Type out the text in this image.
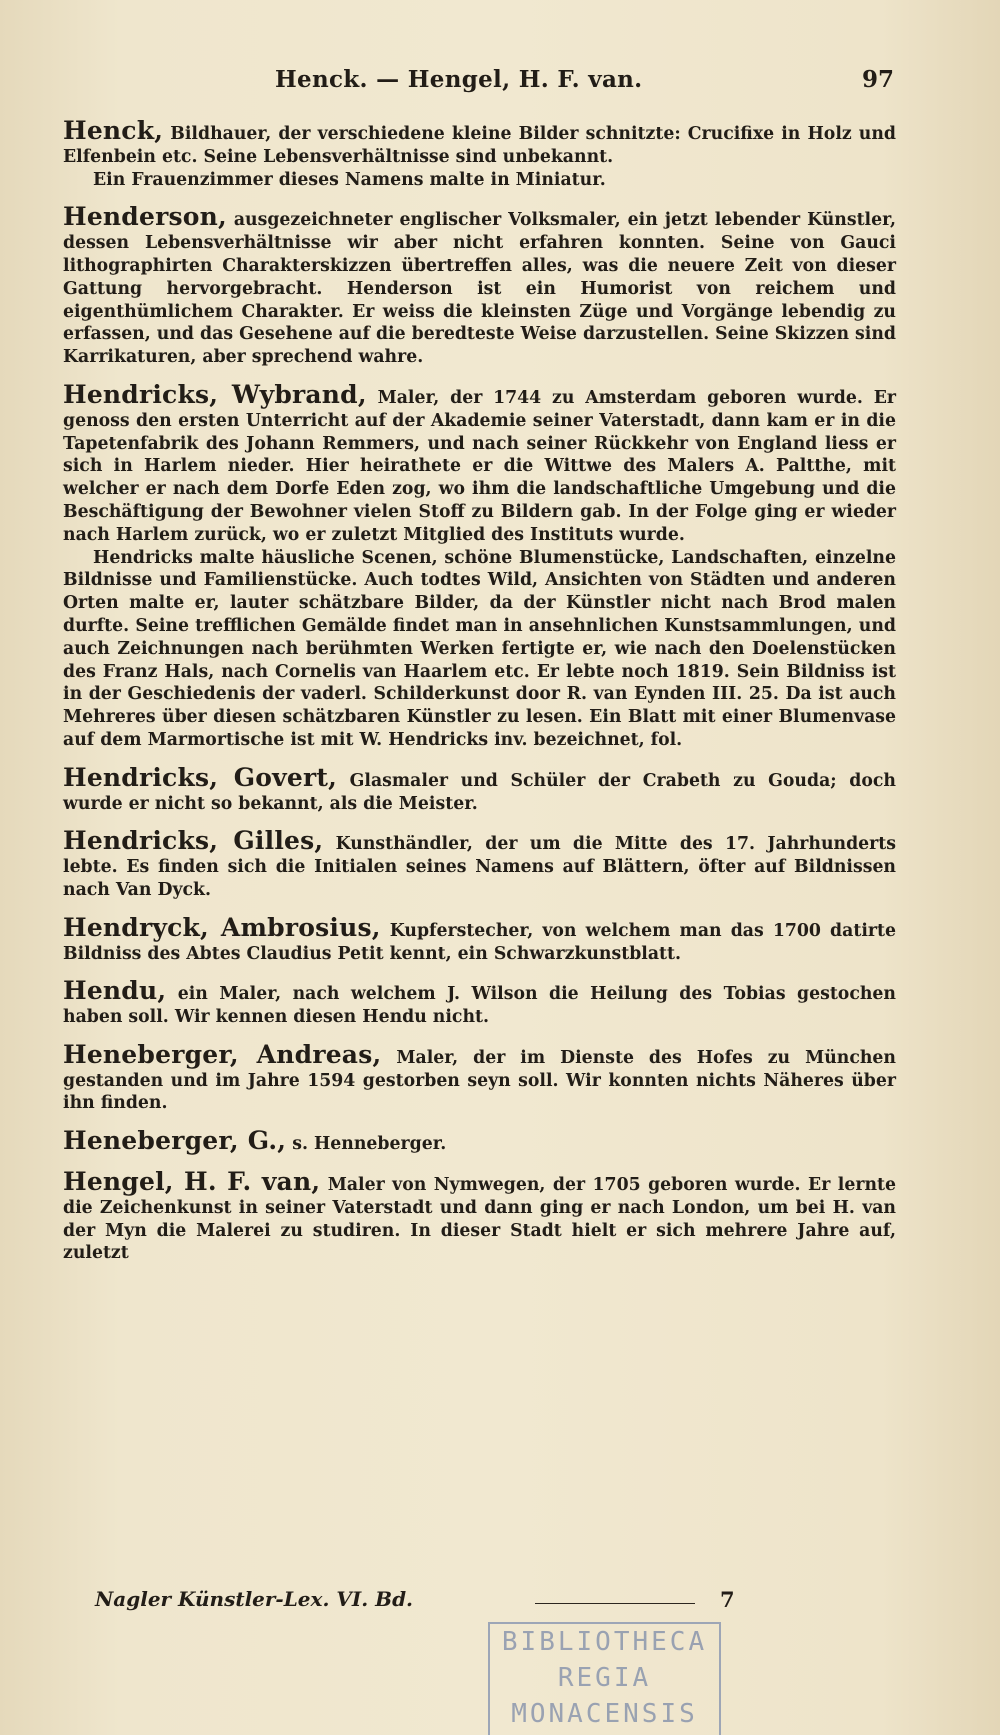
Henck. — Hengel, H. F. van.	97

Henck, Bildhauer, der verschiedene kleine Bilder schnitzte: Crucifixe in Holz und Elfenbein etc. Seine Lebensverhältnisse sind unbekannt.

Ein Frauenzimmer dieses Namens malte in Miniatur.

Henderson, ausgezeichneter englischer Volksmaler, ein jetzt lebender Künstler, dessen Lebensverhältnisse wir aber nicht erfahren konnten. Seine von Gauci lithographirten Charakterskizzen übertreffen alles, was die neuere Zeit von dieser Gattung hervorgebracht. Henderson ist ein Humorist von reichem und eigenthümlichem Charakter. Er weiss die kleinsten Züge und Vorgänge lebendig zu erfassen, und das Gesehene auf die beredteste Weise darzustellen. Seine Skizzen sind Karrikaturen, aber sprechend wahre.

Hendricks, Wybrand, Maler, der 1744 zu Amsterdam geboren wurde. Er genoss den ersten Unterricht auf der Akademie seiner Vaterstadt, dann kam er in die Tapetenfabrik des Johann Remmers, und nach seiner Rückkehr von England liess er sich in Harlem nieder. Hier heirathete er die Wittwe des Malers A. Paltthe, mit welcher er nach dem Dorfe Eden zog, wo ihm die landschaftliche Umgebung und die Beschäftigung der Bewohner vielen Stoff zu Bildern gab. In der Folge ging er wieder nach Harlem zurück, wo er zuletzt Mitglied des Instituts wurde.

Hendricks malte häusliche Scenen, schöne Blumenstücke, Landschaften, einzelne Bildnisse und Familienstücke. Auch todtes Wild, Ansichten von Städten und anderen Orten malte er, lauter schätzbare Bilder, da der Künstler nicht nach Brod malen durfte. Seine trefflichen Gemälde findet man in ansehnlichen Kunstsammlungen, und auch Zeichnungen nach berühmten Werken fertigte er, wie nach den Doelenstücken des Franz Hals, nach Cornelis van Haarlem etc. Er lebte noch 1819. Sein Bildniss ist in der Geschiedenis der vaderl. Schilderkunst door R. van Eynden III. 25. Da ist auch Mehreres über diesen schätzbaren Künstler zu lesen. Ein Blatt mit einer Blumenvase auf dem Marmortische ist mit W. Hendricks inv. bezeichnet, fol.

Hendricks, Govert, Glasmaler und Schüler der Crabeth zu Gouda; doch wurde er nicht so bekannt, als die Meister.

Hendricks, Gilles, Kunsthändler, der um die Mitte des 17. Jahrhunderts lebte. Es finden sich die Initialen seines Namens auf Blättern, öfter auf Bildnissen nach Van Dyck.

Hendryck, Ambrosius, Kupferstecher, von welchem man das 1700 datirte Bildniss des Abtes Claudius Petit kennt, ein Schwarzkunstblatt.

Hendu, ein Maler, nach welchem J. Wilson die Heilung des Tobias gestochen haben soll. Wir kennen diesen Hendu nicht.

Heneberger, Andreas, Maler, der im Dienste des Hofes zu München gestanden und im Jahre 1594 gestorben seyn soll. Wir konnten nichts Näheres über ihn finden.

Heneberger, G., s. Henneberger.

Hengel, H. F. van, Maler von Nymwegen, der 1705 geboren wurde. Er lernte die Zeichenkunst in seiner Vaterstadt und dann ging er nach London, um bei H. van der Myn die Malerei zu studiren. In dieser Stadt hielt er sich mehrere Jahre auf, zuletzt

Nagler Künstler-Lex. VI. Bd.	7
BIBLIOTHECA
REGIA
MONACENSIS
